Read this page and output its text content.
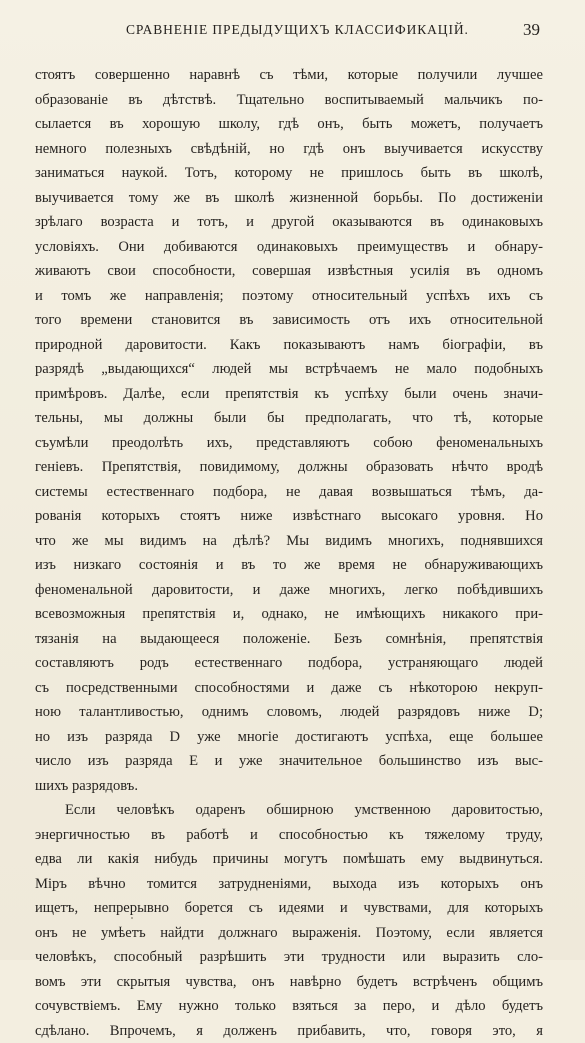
СРАВНЕНІЕ ПРЕДЫДУЩИХЪ КЛАССИФИКАЦІЙ.	39
стоятъ совершенно наравнѣ съ тѣми, которые получили лучшее
образованіе въ дѣтствѣ. Тщательно воспитываемый мальчикъ по-
сылается въ хорошую школу, гдѣ онъ, быть можетъ, получаетъ
немного полезныхъ свѣдѣній, но гдѣ онъ выучивается искусству
заниматься наукой. Тотъ, которому не пришлось быть въ школѣ,
выучивается тому же въ школѣ жизненной борьбы. По достиженіи
зрѣлаго возраста и тотъ, и другой оказываются въ одинаковыхъ
условіяхъ. Они добиваются одинаковыхъ преимуществъ и обнару-
живаютъ свои способности, совершая извѣстныя усилія въ одномъ
и томъ же направленія; поэтому относительный успѣхъ ихъ съ
того времени становится въ зависимость отъ ихъ относительной
природной даровитости. Какъ показываютъ намъ біографіи, въ
разрядѣ „выдающихся“ людей мы встрѣчаемъ не мало подобныхъ
примѣровъ. Далѣе, если препятствія къ успѣху были очень значи-
тельны, мы должны были бы предполагать, что тѣ, которые
съумѣли преодолѣть ихъ, представляютъ собою феноменальныхъ
геніевъ. Препятствія, повидимому, должны образовать нѣчто вродѣ
системы естественнаго подбора, не давая возвышаться тѣмъ, да-
рованія которыхъ стоятъ ниже извѣстнаго высокаго уровня. Но
что же мы видимъ на дѣлѣ? Мы видимъ многихъ, поднявшихся
изъ низкаго состоянія и въ то же время не обнаруживающихъ
феноменальной даровитости, и даже многихъ, легко побѣдившихъ
всевозможныя препятствія и, однако, не имѣющихъ никакого при-
тязанія на выдающееся положеніе. Безъ сомнѣнія, препятствія
составляютъ родъ естественнаго подбора, устраняющаго людей
съ посредственными способностями и даже съ нѣкоторою некруп-
ною талантливостью, однимъ словомъ, людей разрядовъ ниже D;
но изъ разряда D уже многіе достигаютъ успѣха, еще большее
число изъ разряда E и уже значительное большинство изъ выс-
шихъ разрядовъ.
Если человѣкъ одаренъ обширною умственною даровитостью,
энергичностью въ работѣ и способностью къ тяжелому труду,
едва ли какія нибудь причины могутъ помѣшать ему выдвинуться.
Міръ вѣчно томится затрудненіями, выхода изъ которыхъ онъ
ищетъ, непрерывно борется съ идеями и чувствами, для которыхъ
онъ не умѣетъ найдти должнаго выраженія. Поэтому, если является
человѣкъ, способный разрѣшить эти трудности или выразить сло-
вомъ эти скрытыя чувства, онъ навѣрно будетъ встрѣченъ общимъ
сочувствіемъ. Ему нужно только взяться за перо, и дѣло будетъ
сдѣлано. Впрочемъ, я долженъ прибавить, что, говоря это, я
